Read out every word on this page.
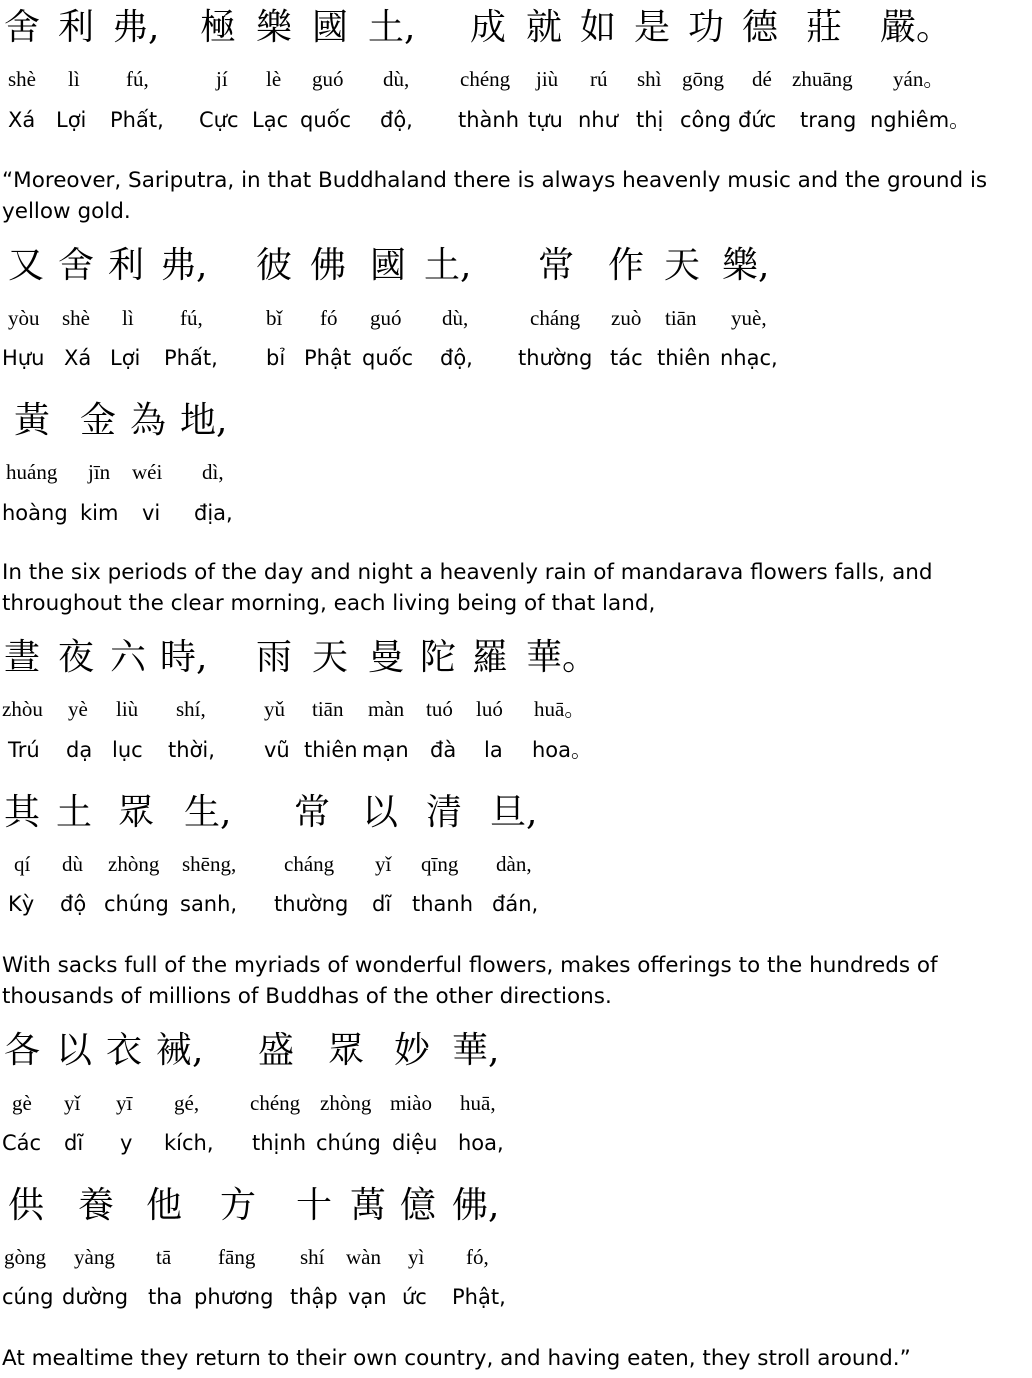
舍 利 弗, 極 樂 國 土, 成 就 如 是 功 德 莊 嚴。
shè lì fú,	jí lè guó dù, chéng jiù rú shì gōng dé zhuāng yán。
Xá Lợi Phất, Cực Lạc quốc độ, thành tựu như thị công đức trang nghiêm。
“Moreover, Sariputra, in that Buddhaland there is always heavenly music and the ground is yellow gold.
又 舍 利 弗, 彼 佛 國 土, 常 作 天 樂,
yòu shè lì fú,	bǐ fó guó dù,	cháng zuò tiān yuè,
Hựu Xá Lợi Phất, bỉ Phật quốc độ, thường tác thiên nhạc,
黃 金 為 地,
huáng jīn wéi dì,
hoàng kim vi địa,
In the six periods of the day and night a heavenly rain of mandarava flowers falls, and throughout the clear morning, each living being of that land,
晝 夜 六 時, 雨 天 曼 陀 羅 華。
zhòu yè liù shí,	yǔ tiān màn tuó luó huā。
Trú dạ lục thời, vũ thiên mạn đà la hoa。
其 土 眾 生, 常 以 清 旦,
qí dù zhòng shēng, cháng yǐ qīng dàn,
Kỳ độ chúng sanh, thường dĩ thanh đán,
With sacks full of the myriads of wonderful flowers, makes offerings to the hundreds of thousands of millions of Buddhas of the other directions.
各 以 衣 裓, 盛 眾 妙 華,
gè yǐ yī gé, chéng zhòng miào huā,
Các dĩ y kích, thịnh chúng diệu hoa,
供 養 他 方 十 萬 億 佛,
gòng yàng tā fāng shí wàn yì fó,
cúng dường tha phương thập vạn ức Phật,
At mealtime they return to their own country, and having eaten, they stroll around.”
